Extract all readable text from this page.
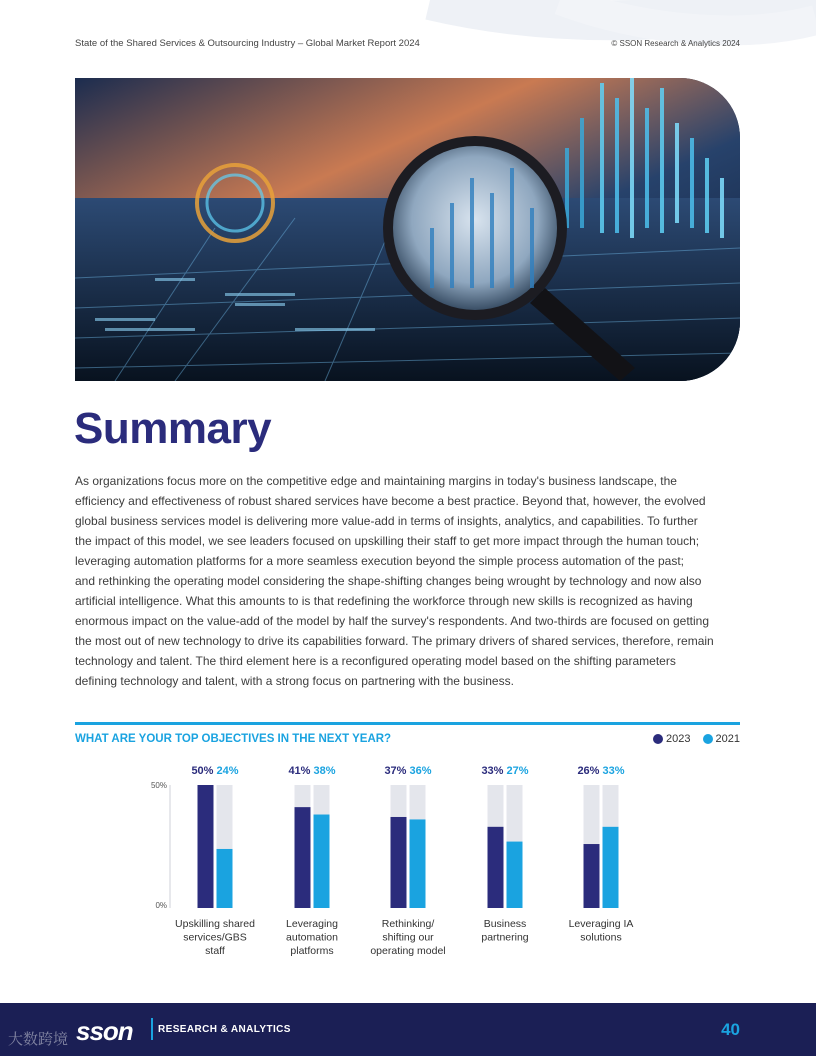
State of the Shared Services & Outsourcing Industry – Global Market Report 2024	© SSON Research & Analytics 2024
Summary

As organizations focus more on the competitive edge and maintaining margins in today's business landscape, the

efficiency and effectiveness of robust shared services have become a best practice. Beyond that, however, the evolved

global business services model is delivering more value-add in terms of insights, analytics, and capabilities. To further

the impact of this model, we see leaders focused on upskilling their staff to get more impact through the human touch;

leveraging automation platforms for a more seamless execution beyond the simple process automation of the past;

and rethinking the operating model considering the shape-shifting changes being wrought by technology and now also

artificial intelligence. What this amounts to is that redefining the workforce through new skills is recognized as having

enormous impact on the value-add of the model by half the survey's respondents. And two-thirds are focused on getting

the most out of new technology to drive its capabilities forward. The primary drivers of shared services, therefore, remain

technology and talent. The third element here is a reconfigured operating model based on the shifting parameters

defining technology and talent, with a strong focus on partnering with the business.

WHAT ARE YOUR TOP OBJECTIVES IN THE NEXT YEAR?	2023 2021
50%
0%
50% 24%
Upskilling shared services/GBS staff
41% 38%
Leveraging automation platforms
37% 36%
Rethinking/ shifting our operating model
33% 27%
Business partnering
26% 33%
Leveraging IA solutions
大数跨境 sson	RESEARCH & ANALYTICS	40
